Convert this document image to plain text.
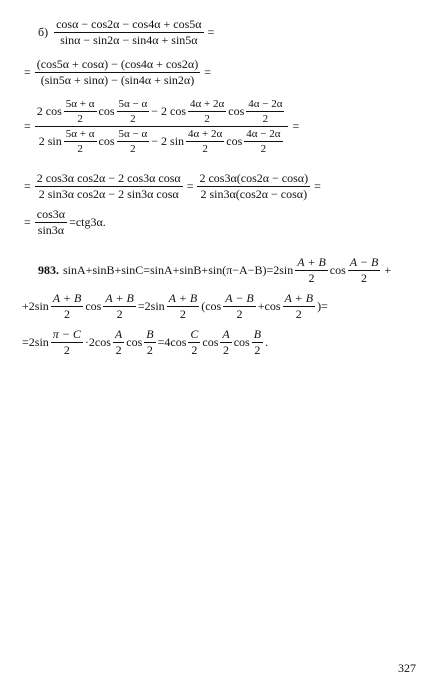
$б) \frac{\cos\alpha - \cos 2\alpha - \cos 4\alpha + \cos 5\alpha}{\sin\alpha - \sin 2\alpha - \sin 4\alpha + \sin 5\alpha}$ =
= $\frac{(\cos 5\alpha + \cos\alpha) - (\cos 4\alpha + \cos 2\alpha)}{(\sin 5\alpha + \sin\alpha) - (\sin 4\alpha + \sin 2\alpha)}$ =
=
2 $\cos \frac{5\alpha + \alpha}{2}$ $\cos \frac{5\alpha - \alpha}{2} - 2$ $\cos \frac{4\alpha + 2\alpha}{2}$ $\cos \frac{4\alpha - 2\alpha}{2}$
2 $\sin \frac{5\alpha + \alpha}{2}$ $\cos \frac{5\alpha - \alpha}{2} - 2$ $\sin \frac{4\alpha + 2\alpha}{2}$ $\cos \frac{4\alpha - 2\alpha}{2}$
=
= $\frac{\text{2 cos3α cos2α − 2 cos3α cosα}}{\text{2 sin3α cos2α − 2 sin3α cosα}} = \frac{2 \cos 3\alpha(\cos 2\alpha - \cos\alpha)}{2 \sin 3\alpha(\cos 2\alpha - \cos\alpha)}$ =
= $\frac{\cos 3\alpha}{\sin 3\alpha} =ctg3\alpha$.
983. $\sin A+\sin B+\sin C=\sin A+\sin B+\sin(\pi-A-B)=2\sin \frac{A + B}{2}$ $\cos \frac{A - B}{2}$ +
$+2\sin \frac{A + B}{2}$ $\cos \frac{A + B}{2} =2\sin \frac{A + B}{2} (\cos \frac{A - B}{2} +\cos \frac{A + B}{2}$ )=
$=2\sin \frac{\pi - C}{2} \cdot 2\cos \frac{A}{2}$ $\cos \frac{B}{2} =4\cos \frac{C}{2}$ $\cos \frac{A}{2}$ $\cos \frac{B}{2}$ .
327
